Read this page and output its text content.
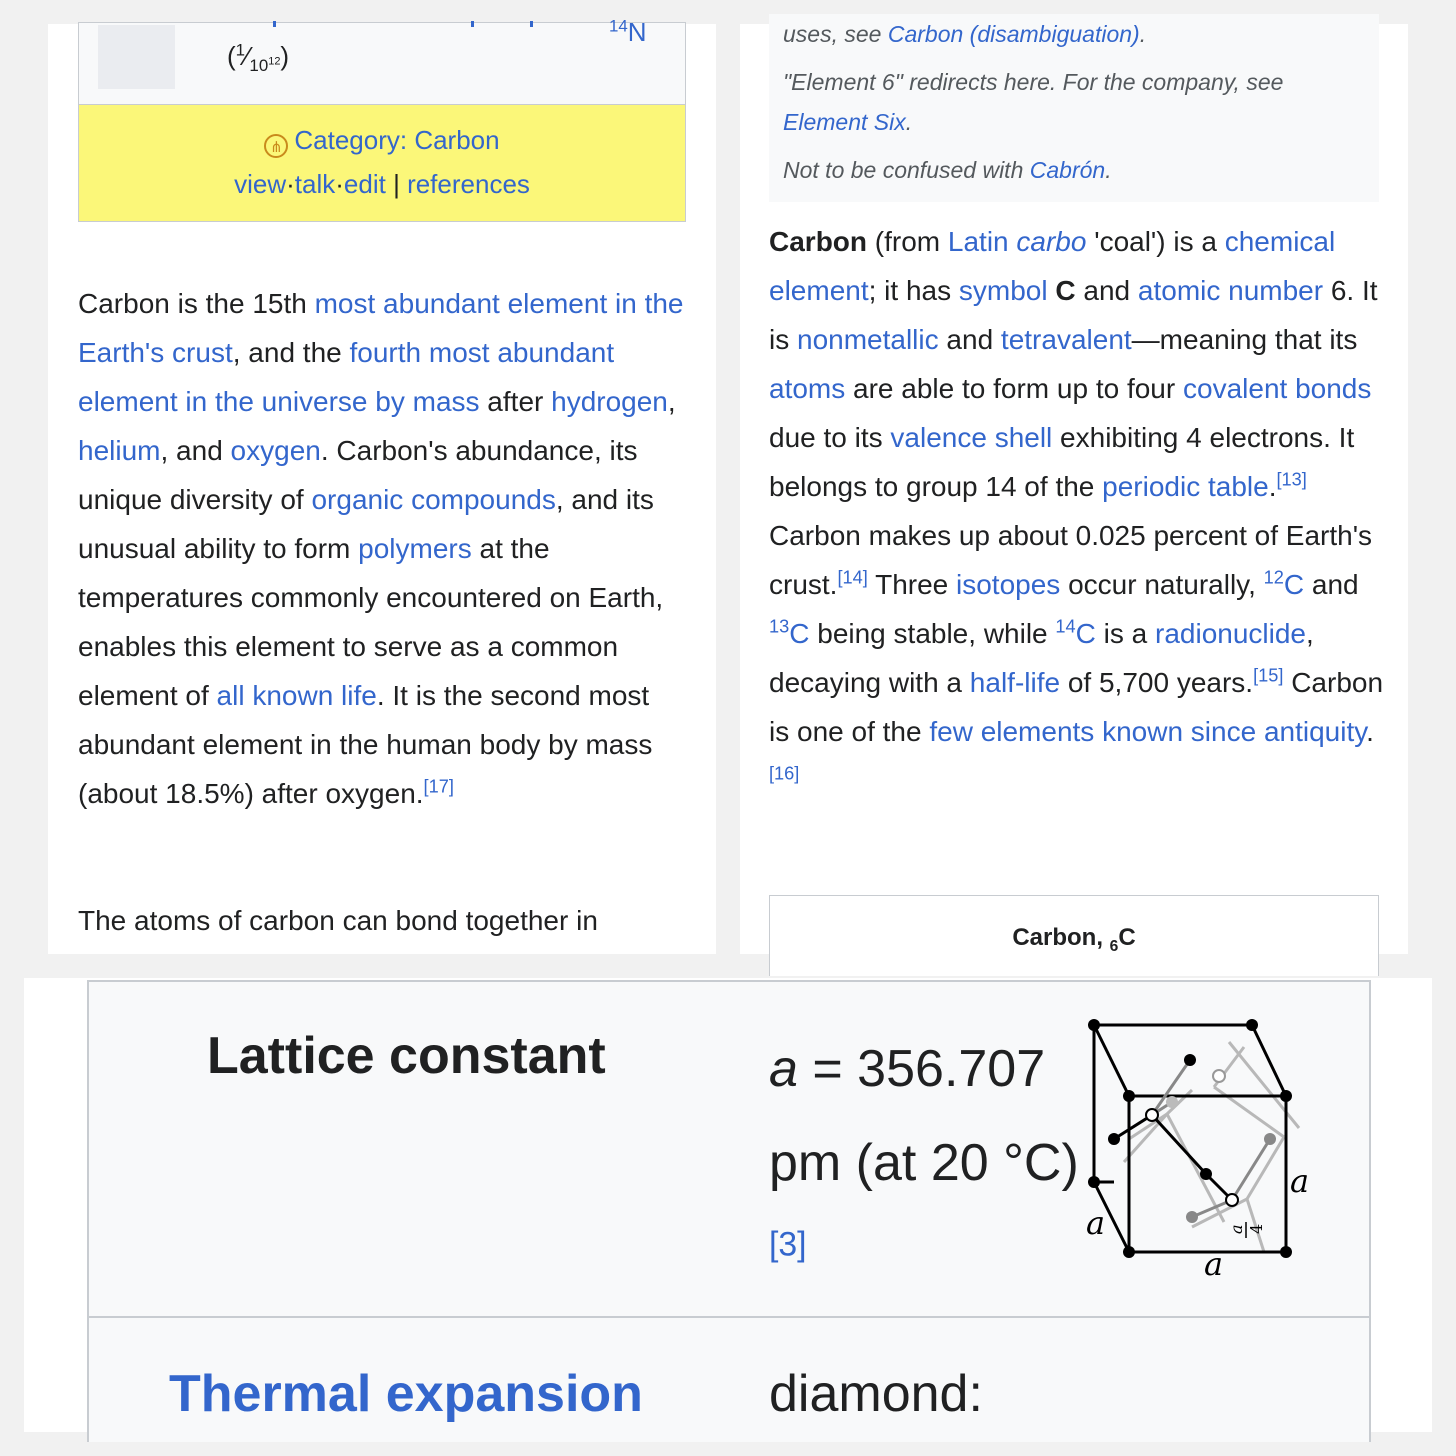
$(^1⁄_{10^{12}})$
$^{14}$N
⋔ Category: Carbon
view·talk·edit | references
Carbon is the 15th most abundant element in the Earth's crust, and the fourth most abundant element in the universe by mass after hydrogen, helium, and oxygen. Carbon's abundance, its unique diversity of organic compounds, and its unusual ability to form polymers at the temperatures commonly encountered on Earth, enables this element to serve as a common element of all known life. It is the second most abundant element in the human body by mass (about 18.5%) after oxygen.[17]
The atoms of carbon can bond together in

uses, see Carbon (disambiguation).

"Element 6" redirects here. For the company, see Element Six.

Not to be confused with Cabrón.

Carbon (from Latin carbo 'coal') is a chemical element; it has symbol C and atomic number 6. It is nonmetallic and tetravalent—meaning that its atoms are able to form up to four covalent bonds due to its valence shell exhibiting 4 electrons. It belongs to group 14 of the periodic table.[13] Carbon makes up about 0.025 percent of Earth's crust.[14] Three isotopes occur naturally, $^{12}$C and $^{13}$C being stable, while $^{14}$C is a radionuclide, decaying with a half-life of 5,700 years.[15] Carbon is one of the few elements known since antiquity.[16]
Carbon, $_6$C
Lattice constant	a = 356.707 pm (at 20 °C)[3]
a
a
a	a 4
Thermal expansion diamond:
